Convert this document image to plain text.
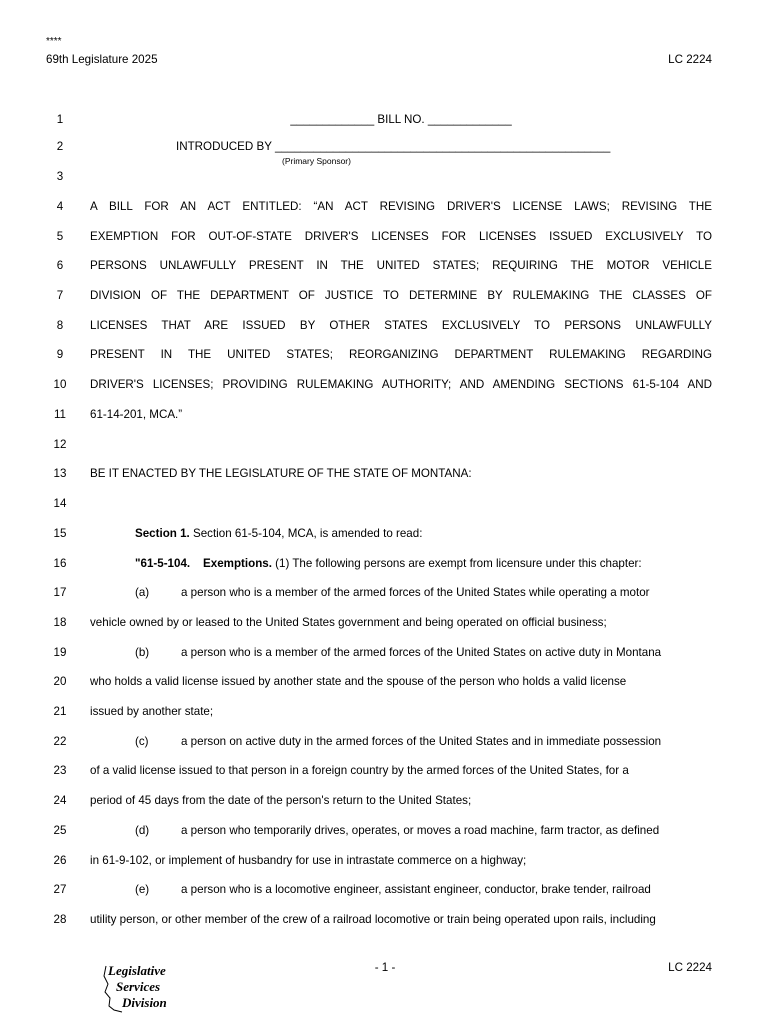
****
69th Legislature 2025	LC 2224
1	_____________ BILL NO. _____________
2	INTRODUCED BY ____________________________________________________
(Primary Sponsor)
3
4	A BILL FOR AN ACT ENTITLED: “AN ACT REVISING DRIVER'S LICENSE LAWS; REVISING THE
5	EXEMPTION FOR OUT-OF-STATE DRIVER'S LICENSES FOR LICENSES ISSUED EXCLUSIVELY TO
6	PERSONS UNLAWFULLY PRESENT IN THE UNITED STATES; REQUIRING THE MOTOR VEHICLE
7	DIVISION OF THE DEPARTMENT OF JUSTICE TO DETERMINE BY RULEMAKING THE CLASSES OF
8	LICENSES THAT ARE ISSUED BY OTHER STATES EXCLUSIVELY TO PERSONS UNLAWFULLY
9	PRESENT IN THE UNITED STATES; REORGANIZING DEPARTMENT RULEMAKING REGARDING
10	DRIVER'S LICENSES; PROVIDING RULEMAKING AUTHORITY; AND AMENDING SECTIONS 61-5-104 AND
11	61-14-201, MCA.”
12
13	BE IT ENACTED BY THE LEGISLATURE OF THE STATE OF MONTANA:
14
15	Section 1. Section 61-5-104, MCA, is amended to read:
16	"61-5-104.    Exemptions. (1) The following persons are exempt from licensure under this chapter:
17	(a)	a person who is a member of the armed forces of the United States while operating a motor
18	vehicle owned by or leased to the United States government and being operated on official business;
19	(b)	a person who is a member of the armed forces of the United States on active duty in Montana
20	who holds a valid license issued by another state and the spouse of the person who holds a valid license
21	issued by another state;
22	(c)	a person on active duty in the armed forces of the United States and in immediate possession
23	of a valid license issued to that person in a foreign country by the armed forces of the United States, for a
24	period of 45 days from the date of the person's return to the United States;
25	(d)	a person who temporarily drives, operates, or moves a road machine, farm tractor, as defined
26	in 61-9-102, or implement of husbandry for use in intrastate commerce on a highway;
27	(e)	a person who is a locomotive engineer, assistant engineer, conductor, brake tender, railroad
28	utility person, or other member of the crew of a railroad locomotive or train being operated upon rails, including
Legislative
Services
Division
- 1 -	LC 2224
